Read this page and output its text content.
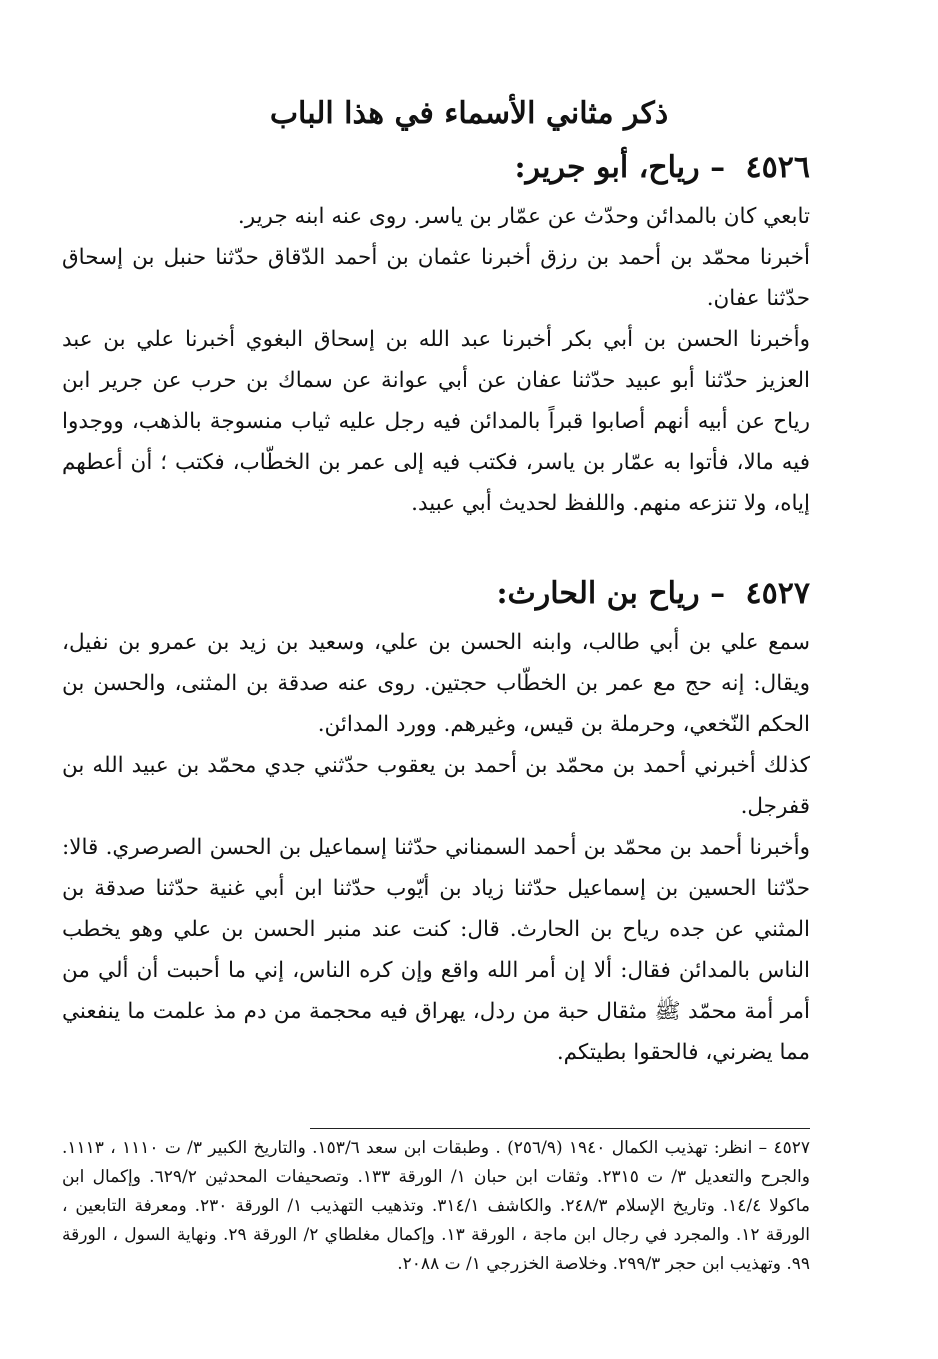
ذكر مثاني الأسماء في هذا الباب
٤٥٢٦ – رياح، أبو جرير:

تابعي كان بالمدائن وحدّث عن عمّار بن ياسر. روى عنه ابنه جرير.

أخبرنا محمّد بن أحمد بن رزق أخبرنا عثمان بن أحمد الدّقاق حدّثنا حنبل بن إسحاق حدّثنا عفان.

وأخبرنا الحسن بن أبي بكر أخبرنا عبد الله بن إسحاق البغوي أخبرنا علي بن عبد العزيز حدّثنا أبو عبيد حدّثنا عفان عن أبي عوانة عن سماك بن حرب عن جرير ابن رياح عن أبيه أنهم أصابوا قبراً بالمدائن فيه رجل عليه ثياب منسوجة بالذهب، ووجدوا فيه مالا، فأتوا به عمّار بن ياسر، فكتب فيه إلى عمر بن الخطّاب، فكتب ؛ أن أعطهم إياه، ولا تنزعه منهم. واللفظ لحديث أبي عبيد.

٤٥٢٧ – رياح بن الحارث:

سمع علي بن أبي طالب، وابنه الحسن بن علي، وسعيد بن زيد بن عمرو بن نفيل، ويقال: إنه حج مع عمر بن الخطّاب حجتين. روى عنه صدقة بن المثنى، والحسن بن الحكم النّخعي، وحرملة بن قيس، وغيرهم. وورد المدائن.

كذلك أخبرني أحمد بن محمّد بن أحمد بن يعقوب حدّثني جدي محمّد بن عبيد الله بن قفرجل.

وأخبرنا أحمد بن محمّد بن أحمد السمناني حدّثنا إسماعيل بن الحسن الصرصري. قالا: حدّثنا الحسين بن إسماعيل حدّثنا زياد بن أيّوب حدّثنا ابن أبي غنية حدّثنا صدقة بن المثني عن جده رياح بن الحارث. قال: كنت عند منبر الحسن بن علي وهو يخطب الناس بالمدائن فقال: ألا إن أمر الله واقع وإن كره الناس، إني ما أحببت أن ألي من أمر أمة محمّد ﷺ مثقال حبة من ردل، يهراق فيه محجمة من دم مذ علمت ما ينفعني مما يضرني، فالحقوا بطيتكم.

٤٥٢٧ – انظر: تهذيب الكمال ١٩٤٠ (٢٥٦/٩) . وطبقات ابن سعد ١٥٣/٦. والتاريخ الكبير ٣/ ت ١١١٠ ، ١١١٣. والجرح والتعديل ٣/ ت ٢٣١٥. وثقات ابن حبان ١/ الورقة ١٣٣. وتصحيفات المحدثين ٦٢٩/٢. وإكمال ابن ماكولا ١٤/٤. وتاريخ الإسلام ٢٤٨/٣. والكاشف ٣١٤/١. وتذهيب التهذيب ١/ الورقة ٢٣٠. ومعرفة التابعين ، الورقة ١٢. والمجرد في رجال ابن ماجة ، الورقة ١٣. وإكمال مغلطاي ٢/ الورقة ٢٩. ونهاية السول ، الورقة ٩٩. وتهذيب ابن حجر ٢٩٩/٣. وخلاصة الخزرجي ١/ ت ٢٠٨٨.
